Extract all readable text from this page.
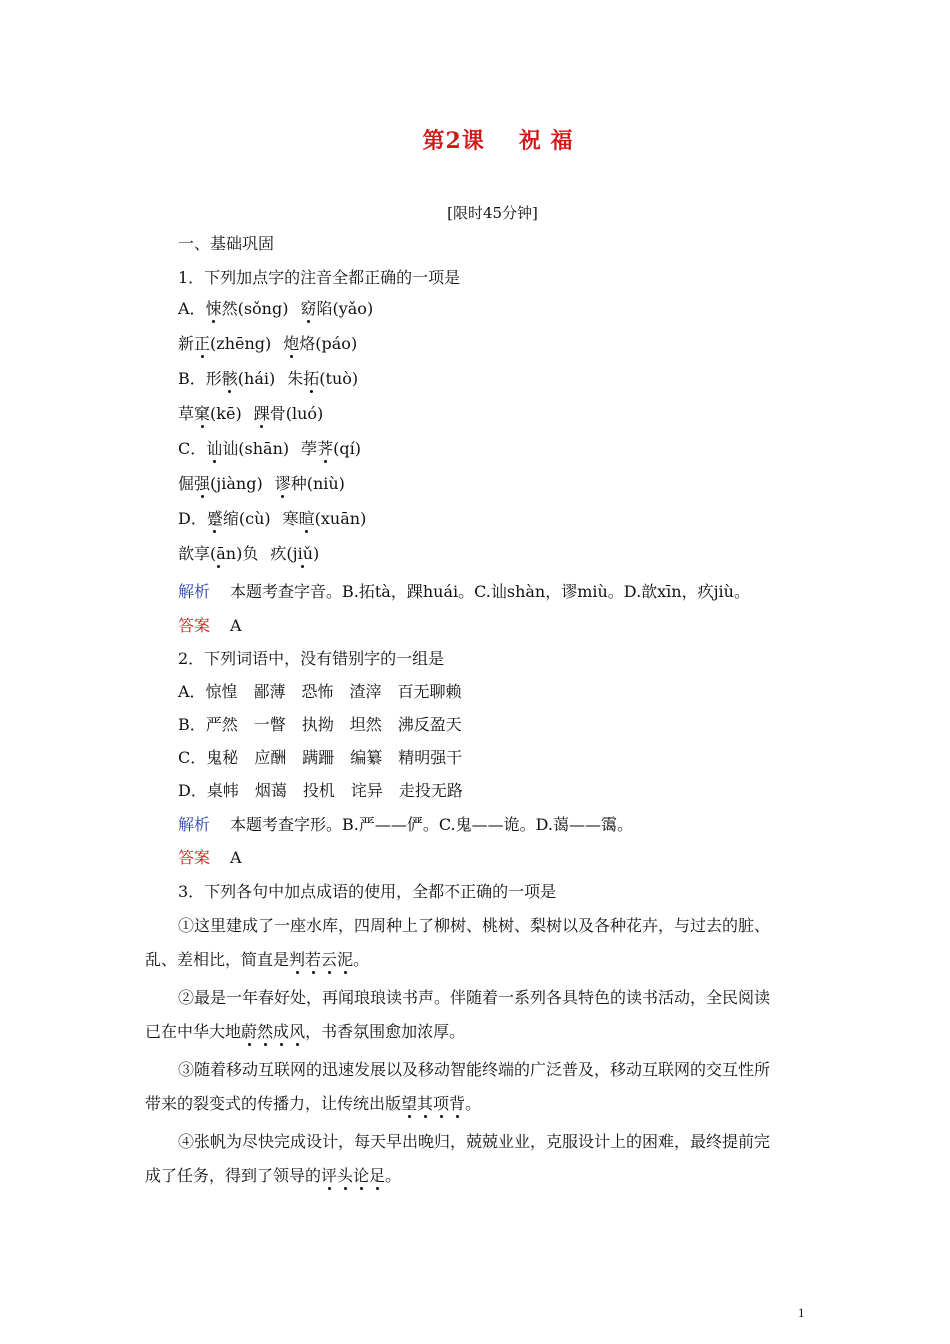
第2课 祝 福
[限时45分钟]
一、基础巩固
1．下列加点字的注音全都正确的一项是
A．悚然(sǒng) 窈陷(yǎo)
新正(zhēng) 炮烙(páo)
B．形骸(hái) 朱拓(tuò)
草窠(kē) 踝骨(luó)
C．讪讪(shān) 荸荠(qí)
倔强(jiàng) 谬种(niù)
D．蹙缩(cù) 寒暄(xuān)
歆享(ān)负 疚(jiǔ)
解析 本题考查字音。B.拓tà，踝huái。C.讪shàn，谬miù。D.歆xīn，疚jiù。
答案 A
2．下列词语中，没有错别字的一组是
A．惊惶　鄙薄　恐怖　渣滓　百无聊赖
B．严然　一瞥　执拗　坦然　沸反盈天
C．鬼秘　应酬　蹒跚　编纂　精明强干
D．桌帏　烟蔼　投机　诧异　走投无路
解析 本题考查字形。B.严——俨。C.鬼——诡。D.蔼——霭。
答案 A
3．下列各句中加点成语的使用，全都不正确的一项是
①这里建成了一座水库，四周种上了柳树、桃树、梨树以及各种花卉，与过去的脏、
乱、差相比，简直是判若云泥。
②最是一年春好处，再闻琅琅读书声。伴随着一系列各具特色的读书活动，全民阅读
已在中华大地蔚然成风，书香氛围愈加浓厚。
③随着移动互联网的迅速发展以及移动智能终端的广泛普及，移动互联网的交互性所
带来的裂变式的传播力，让传统出版望其项背。
④张帆为尽快完成设计，每天早出晚归，兢兢业业，克服设计上的困难，最终提前完
成了任务，得到了领导的评头论足。
1
